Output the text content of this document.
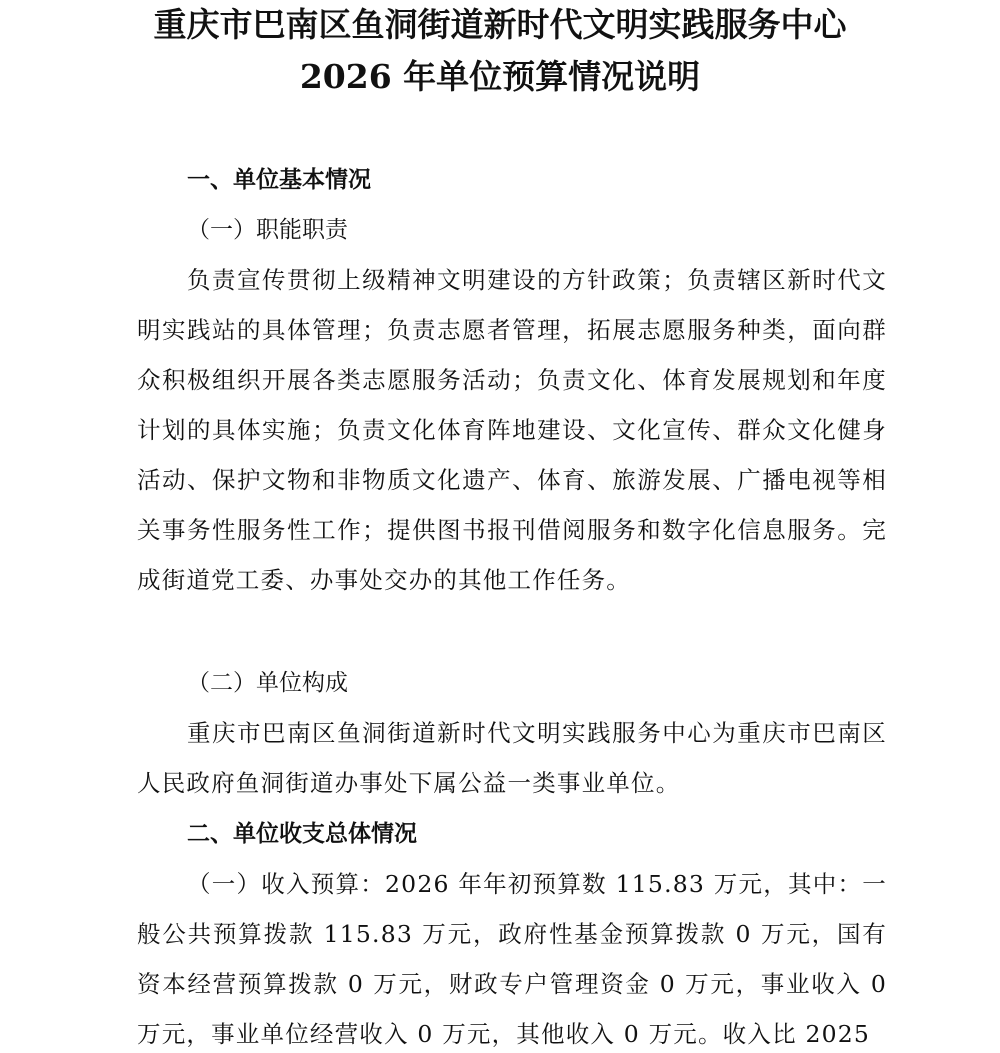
重庆市巴南区鱼洞街道新时代文明实践服务中心
2026 年单位预算情况说明
一、单位基本情况
（一）职能职责

负责宣传贯彻上级精神文明建设的方针政策；负责辖区新时代文明实践站的具体管理；负责志愿者管理，拓展志愿服务种类，面向群众积极组织开展各类志愿服务活动；负责文化、体育发展规划和年度计划的具体实施；负责文化体育阵地建设、文化宣传、群众文化健身活动、保护文物和非物质文化遗产、体育、旅游发展、广播电视等相关事务性服务性工作；提供图书报刊借阅服务和数字化信息服务。完成街道党工委、办事处交办的其他工作任务。

（二）单位构成

重庆市巴南区鱼洞街道新时代文明实践服务中心为重庆市巴南区人民政府鱼洞街道办事处下属公益一类事业单位。

二、单位收支总体情况

（一）收入预算：2026 年年初预算数 115.83 万元，其中：一般公共预算拨款 115.83 万元，政府性基金预算拨款 0 万元，国有资本经营预算拨款 0 万元，财政专户管理资金 0 万元，事业收入 0 万元，事业单位经营收入 0 万元，其他收入 0 万元。收入比 2025
